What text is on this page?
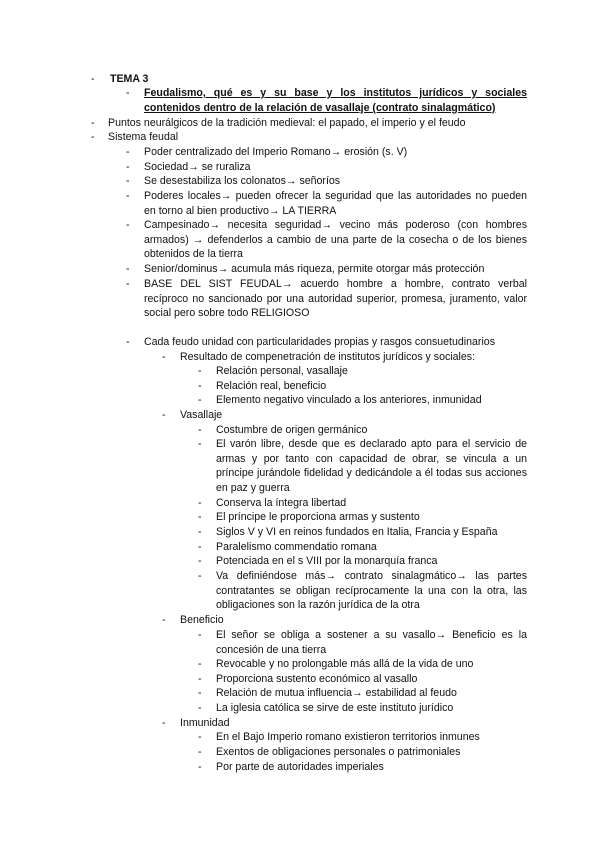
- TEMA 3
- Feudalismo, qué es y su base y los institutos jurídicos y sociales contenidos dentro de la relación de vasallaje (contrato sinalagmático)
- Puntos neurálgicos de la tradición medieval: el papado, el imperio y el feudo
- Sistema feudal
- Poder centralizado del Imperio Romano→ erosión (s. V)
- Sociedad→ se ruraliza
- Se desestabiliza los colonatos→ señoríos
- Poderes locales→ pueden ofrecer la seguridad que las autoridades no pueden en torno al bien productivo→ LA TIERRA
- Campesinado→ necesita seguridad→ vecino más poderoso (con hombres armados) → defenderlos a cambio de una parte de la cosecha o de los bienes obtenidos de la tierra
- Senior/dominus→ acumula más riqueza, permite otorgar más protección
- BASE DEL SIST FEUDAL→ acuerdo hombre a hombre, contrato verbal recíproco no sancionado por una autoridad superior, promesa, juramento, valor social pero sobre todo RELIGIOSO
- Cada feudo unidad con particularidades propias y rasgos consuetudinarios
- Resultado de compenetración de institutos jurídicos y sociales:
- Relación personal, vasallaje
- Relación real, beneficio
- Elemento negativo vinculado a los anteriores, inmunidad
- Vasallaje
- Costumbre de origen germánico
- El varón libre, desde que es declarado apto para el servicio de armas y por tanto con capacidad de obrar, se vincula a un príncipe jurándole fidelidad y dedicándole a él todas sus acciones en paz y guerra
- Conserva la íntegra libertad
- El príncipe le proporciona armas y sustento
- Siglos V y VI en reinos fundados en Italia, Francia y España
- Paralelismo commendatio romana
- Potenciada en el s VIII por la monarquía franca
- Va definiéndose más→ contrato sinalagmático→ las partes contratantes se obligan recíprocamente la una con la otra, las obligaciones son la razón jurídica de la otra
- Beneficio
- El señor se obliga a sostener a su vasallo→ Beneficio es la concesión de una tierra
- Revocable y no prolongable más allá de la vida de uno
- Proporciona sustento económico al vasallo
- Relación de mutua influencia→ estabilidad al feudo
- La iglesia católica se sirve de este instituto jurídico
- Inmunidad
- En el Bajo Imperio romano existieron territorios inmunes
- Exentos de obligaciones personales o patrimoniales
- Por parte de autoridades imperiales
